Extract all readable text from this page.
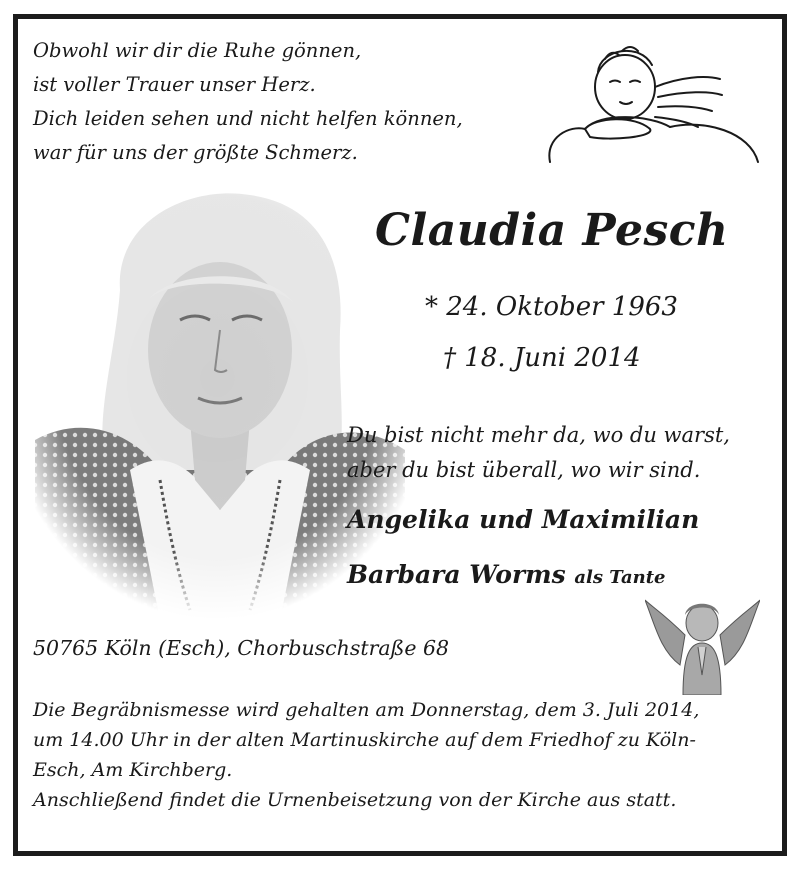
Obwohl wir dir die Ruhe gönnen,
ist voller Trauer unser Herz.
Dich leiden sehen und nicht helfen können,
war für uns der größte Schmerz.
Claudia Pesch
* 24. Oktober 1963
† 18. Juni 2014
Du bist nicht mehr da, wo du warst,
aber du bist überall, wo wir sind.
Angelika und Maximilian
Barbara Worms als Tante
50765 Köln (Esch), Chorbuschstraße 68
Die Begräbnismesse wird gehalten am Donnerstag, dem 3. Juli 2014,
um 14.00 Uhr in der alten Martinuskirche auf dem Friedhof zu Köln-
Esch, Am Kirchberg.
Anschließend findet die Urnenbeisetzung von der Kirche aus statt.
